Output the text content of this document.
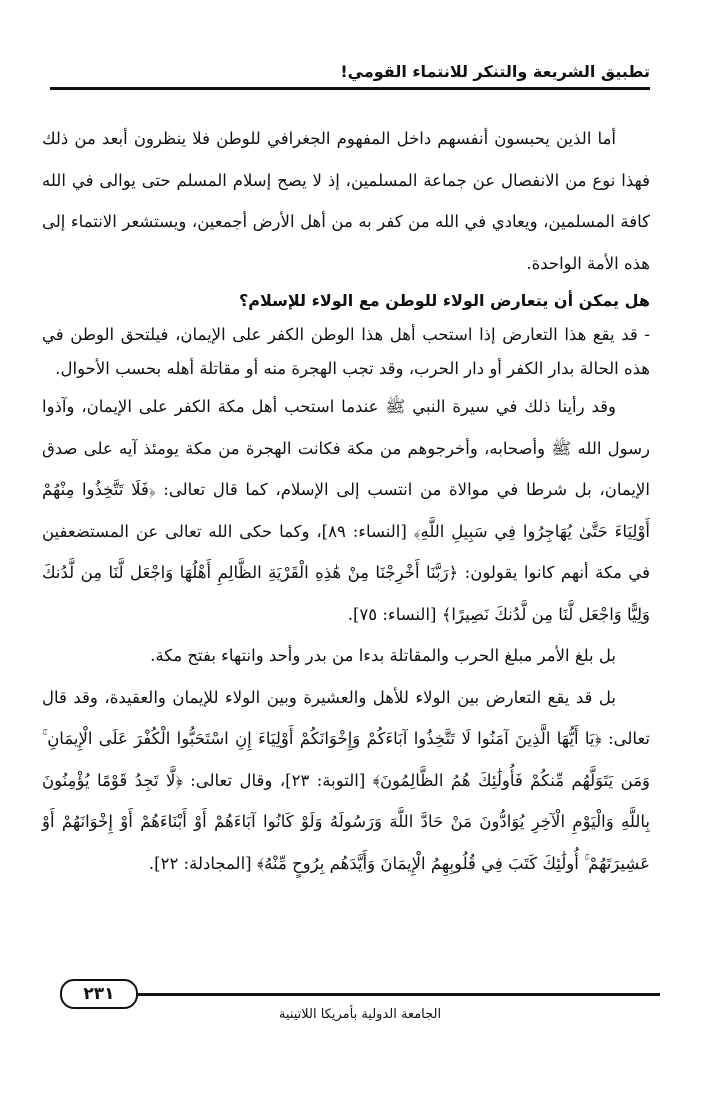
تطبيق الشريعة والتنكر للانتماء القومي!

أما الذين يحبسون أنفسهم داخل المفهوم الجغرافي للوطن فلا ينظرون أبعد من ذلك فهذا نوع من الانفصال عن جماعة المسلمين، إذ لا يصح إسلام المسلم حتى يوالى في الله كافة المسلمين، ويعادي في الله من كفر به من أهل الأرض أجمعين، ويستشعر الانتماء إلى هذه الأمة الواحدة.

هل يمكن أن يتعارض الولاء للوطن مع الولاء للإسلام؟

- قد يقع هذا التعارض إذا استحب أهل هذا الوطن الكفر على الإيمان، فيلتحق الوطن في هذه الحالة بدار الكفر أو دار الحرب، وقد تجب الهجرة منه أو مقاتلة أهله بحسب الأحوال.

وقد رأينا ذلك في سيرة النبي ﷺ عندما استحب أهل مكة الكفر على الإيمان، وآذوا رسول الله ﷺ وأصحابه، وأخرجوهم من مكة فكانت الهجرة من مكة يومئذ آيه على صدق الإيمان، بل شرطا في موالاة من انتسب إلى الإسلام، كما قال تعالى: ﴿فَلَا تَتَّخِذُوا مِنْهُمْ أَوْلِيَاءَ حَتَّىٰ يُهَاجِرُوا فِي سَبِيلِ اللَّهِ﴾ [النساء: ٨٩]، وكما حكى الله تعالى عن المستضعفين في مكة أنهم كانوا يقولون: ﴿رَبَّنَا أَخْرِجْنَا مِنْ هَٰذِهِ الْقَرْيَةِ الظَّالِمِ أَهْلُهَا وَاجْعَل لَّنَا مِن لَّدُنكَ وَلِيًّا وَاجْعَل لَّنَا مِن لَّدُنكَ نَصِيرًا﴾ [النساء: ٧٥].

بل بلغ الأمر مبلغ الحرب والمقاتلة بدءا من بدر وأحد وانتهاء بفتح مكة.

بل قد يقع التعارض بين الولاء للأهل والعشيرة وبين الولاء للإيمان والعقيدة، وقد قال تعالى: ﴿يَا أَيُّهَا الَّذِينَ آمَنُوا لَا تَتَّخِذُوا آبَاءَكُمْ وَإِخْوَانَكُمْ أَوْلِيَاءَ إِنِ اسْتَحَبُّوا الْكُفْرَ عَلَى الْإِيمَانِ ۚ وَمَن يَتَوَلَّهُم مِّنكُمْ فَأُولَٰئِكَ هُمُ الظَّالِمُونَ﴾ [التوبة: ٢٣]، وقال تعالى: ﴿لَّا تَجِدُ قَوْمًا يُؤْمِنُونَ بِاللَّهِ وَالْيَوْمِ الْآخِرِ يُوَادُّونَ مَنْ حَادَّ اللَّهَ وَرَسُولَهُ وَلَوْ كَانُوا آبَاءَهُمْ أَوْ أَبْنَاءَهُمْ أَوْ إِخْوَانَهُمْ أَوْ عَشِيرَتَهُمْ ۚ أُولَٰئِكَ كَتَبَ فِي قُلُوبِهِمُ الْإِيمَانَ وَأَيَّدَهُم بِرُوحٍ مِّنْهُ﴾ [المجادلة: ٢٢].

٢٣١
الجامعة الدولية بأمريكا اللاتينية
